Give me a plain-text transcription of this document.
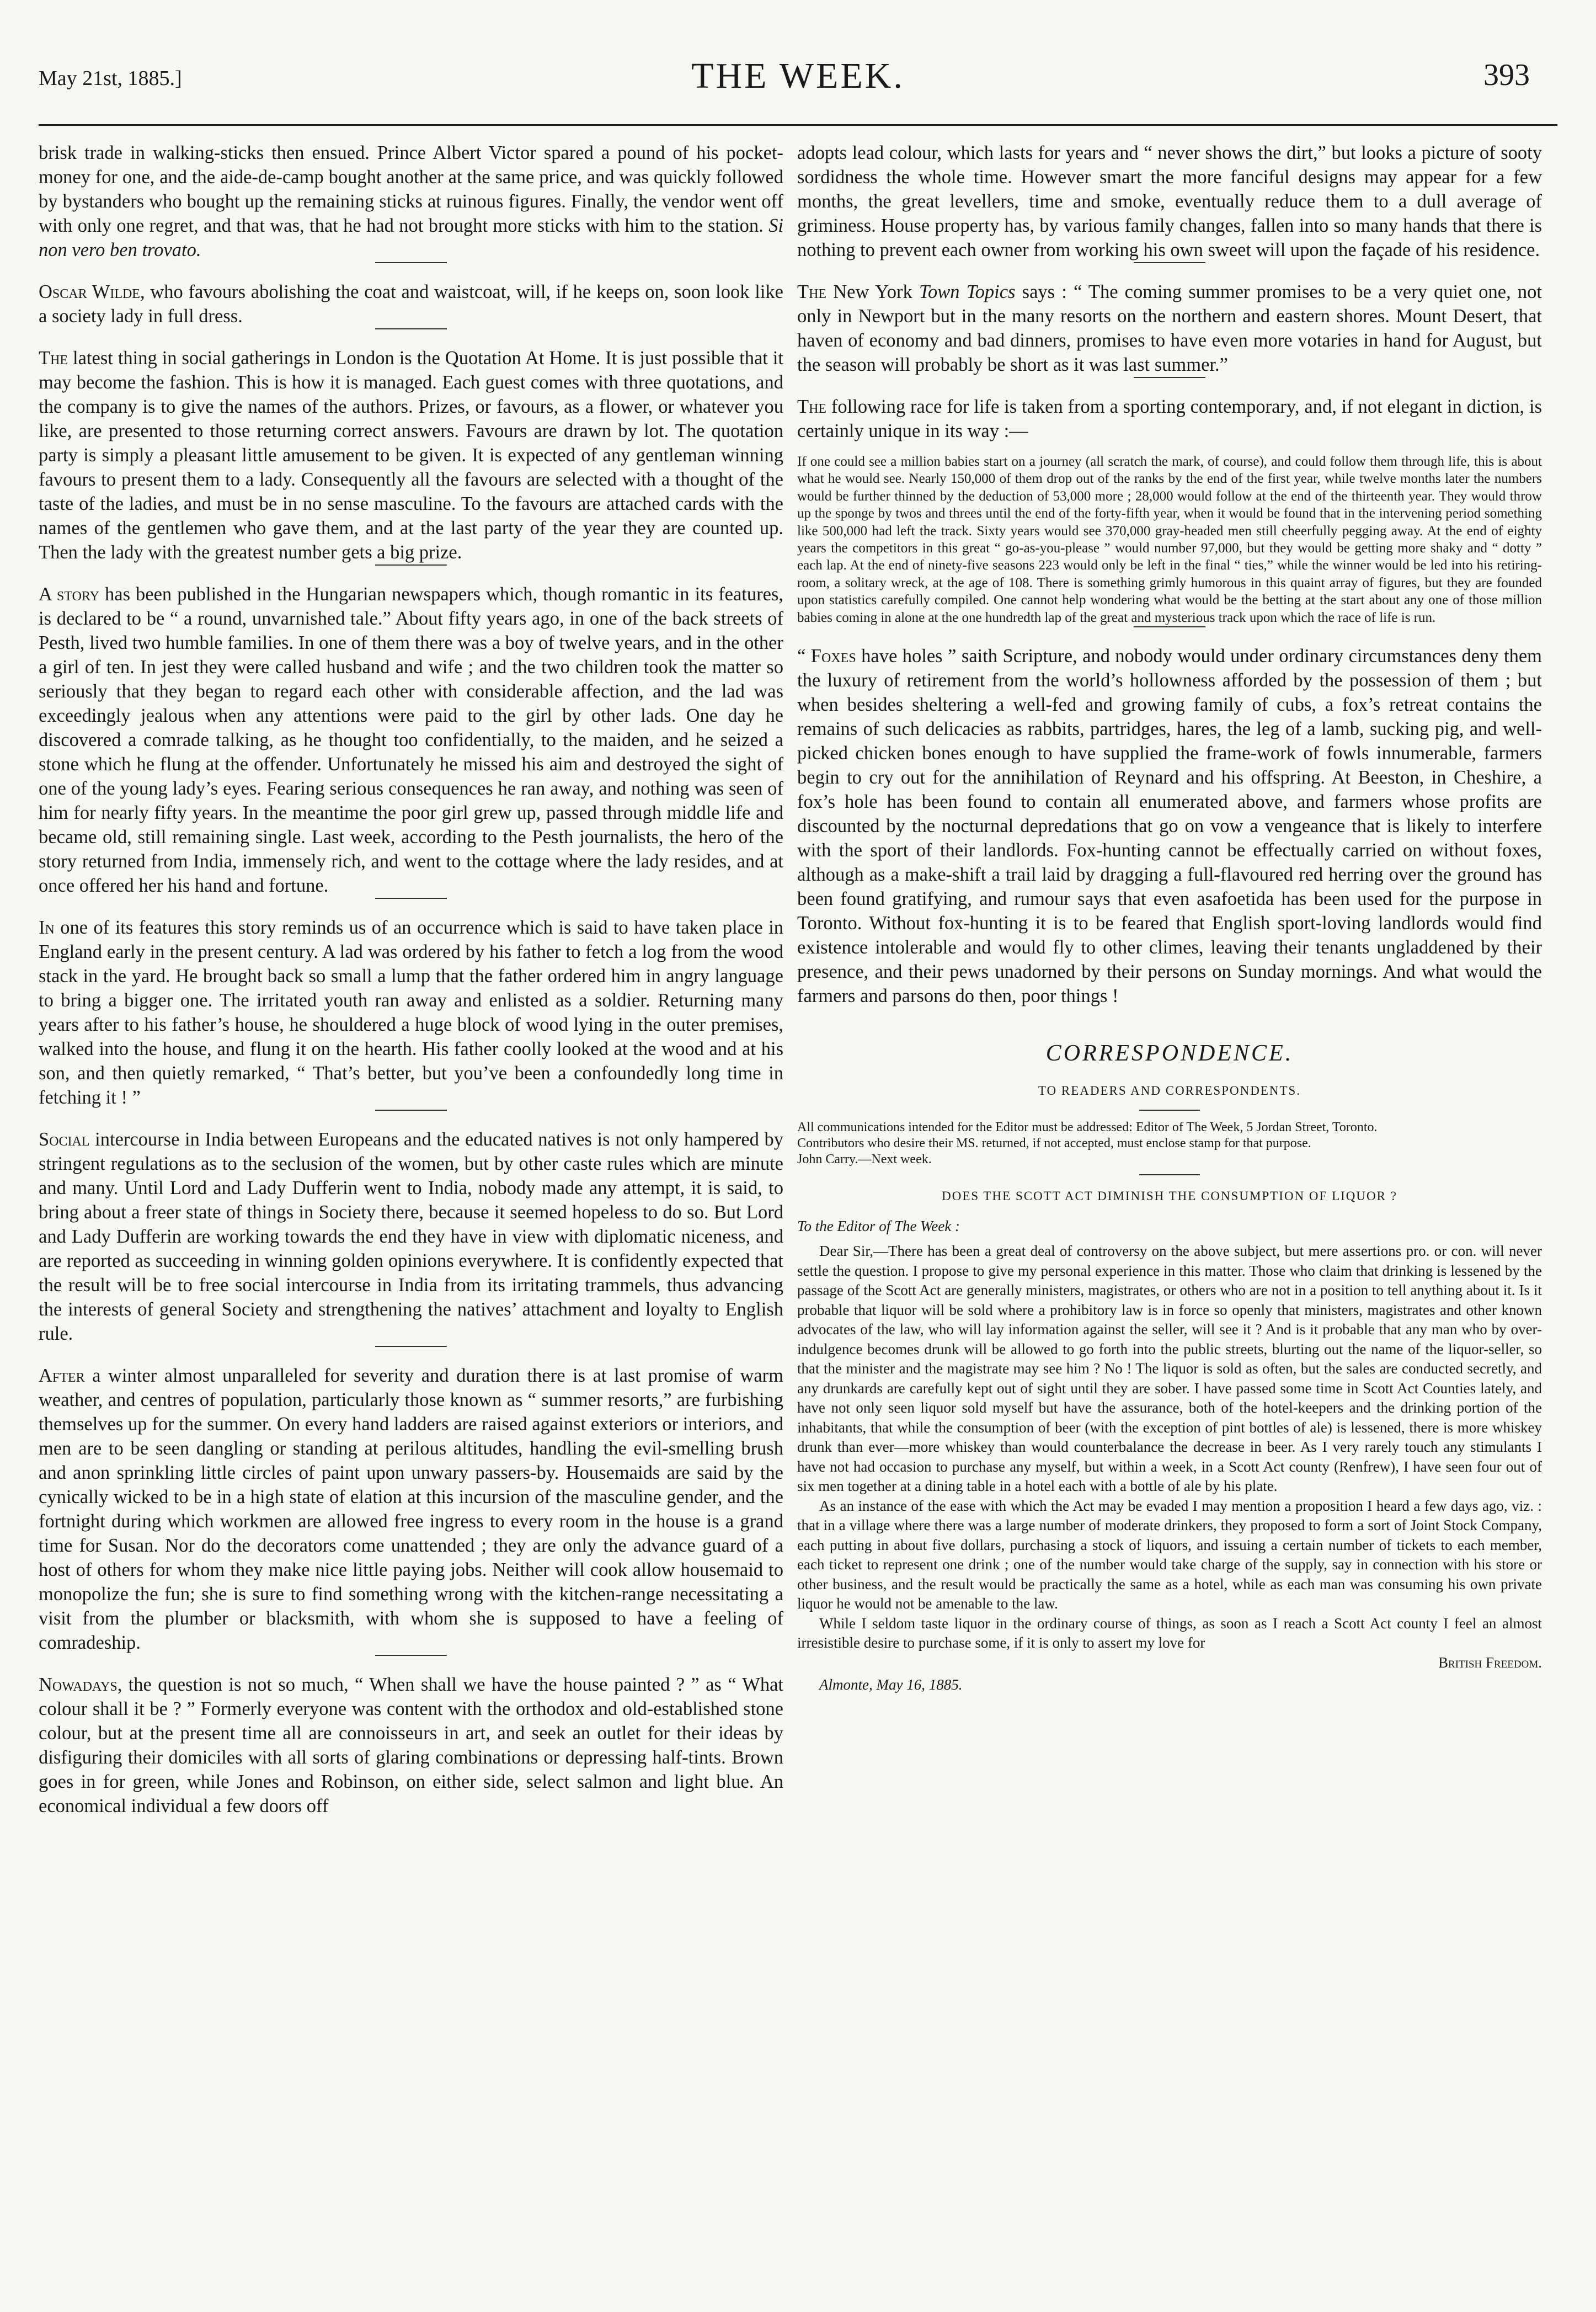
May 21st, 1885.]	THE WEEK.	393

brisk trade in walking-sticks then ensued. Prince Albert Victor spared a pound of his pocket-money for one, and the aide-de-camp bought another at the same price, and was quickly followed by bystanders who bought up the remaining sticks at ruinous figures. Finally, the vendor went off with only one regret, and that was, that he had not brought more sticks with him to the station. Si non vero ben trovato.

Oscar Wilde, who favours abolishing the coat and waistcoat, will, if he keeps on, soon look like a society lady in full dress.

The latest thing in social gatherings in London is the Quotation At Home. It is just possible that it may become the fashion. This is how it is managed. Each guest comes with three quotations, and the company is to give the names of the authors. Prizes, or favours, as a flower, or whatever you like, are presented to those returning correct answers. Favours are drawn by lot. The quotation party is simply a pleasant little amusement to be given. It is expected of any gentleman winning favours to present them to a lady. Consequently all the favours are selected with a thought of the taste of the ladies, and must be in no sense masculine. To the favours are attached cards with the names of the gentlemen who gave them, and at the last party of the year they are counted up. Then the lady with the greatest number gets a big prize.

A story has been published in the Hungarian newspapers which, though romantic in its features, is declared to be “ a round, unvarnished tale.” About fifty years ago, in one of the back streets of Pesth, lived two humble families. In one of them there was a boy of twelve years, and in the other a girl of ten. In jest they were called husband and wife ; and the two children took the matter so seriously that they began to regard each other with considerable affection, and the lad was exceedingly jealous when any attentions were paid to the girl by other lads. One day he discovered a comrade talking, as he thought too confidentially, to the maiden, and he seized a stone which he flung at the offender. Unfortunately he missed his aim and destroyed the sight of one of the young lady’s eyes. Fearing serious consequences he ran away, and nothing was seen of him for nearly fifty years. In the meantime the poor girl grew up, passed through middle life and became old, still remaining single. Last week, according to the Pesth journalists, the hero of the story returned from India, immensely rich, and went to the cottage where the lady resides, and at once offered her his hand and fortune.

In one of its features this story reminds us of an occurrence which is said to have taken place in England early in the present century. A lad was ordered by his father to fetch a log from the wood stack in the yard. He brought back so small a lump that the father ordered him in angry language to bring a bigger one. The irritated youth ran away and enlisted as a soldier. Returning many years after to his father’s house, he shouldered a huge block of wood lying in the outer premises, walked into the house, and flung it on the hearth. His father coolly looked at the wood and at his son, and then quietly remarked, “ That’s better, but you’ve been a confoundedly long time in fetching it ! ”

Social intercourse in India between Europeans and the educated natives is not only hampered by stringent regulations as to the seclusion of the women, but by other caste rules which are minute and many. Until Lord and Lady Dufferin went to India, nobody made any attempt, it is said, to bring about a freer state of things in Society there, because it seemed hopeless to do so. But Lord and Lady Dufferin are working towards the end they have in view with diplomatic niceness, and are reported as succeeding in winning golden opinions everywhere. It is confidently expected that the result will be to free social intercourse in India from its irritating trammels, thus advancing the interests of general Society and strengthening the natives’ attachment and loyalty to English rule.

After a winter almost unparalleled for severity and duration there is at last promise of warm weather, and centres of population, particularly those known as “ summer resorts,” are furbishing themselves up for the summer. On every hand ladders are raised against exteriors or interiors, and men are to be seen dangling or standing at perilous altitudes, handling the evil-smelling brush and anon sprinkling little circles of paint upon unwary passers-by. Housemaids are said by the cynically wicked to be in a high state of elation at this incursion of the masculine gender, and the fortnight during which workmen are allowed free ingress to every room in the house is a grand time for Susan. Nor do the decorators come unattended ; they are only the advance guard of a host of others for whom they make nice little paying jobs. Neither will cook allow housemaid to monopolize the fun; she is sure to find something wrong with the kitchen-range necessitating a visit from the plumber or blacksmith, with whom she is supposed to have a feeling of comradeship.

Nowadays, the question is not so much, “ When shall we have the house painted ? ” as “ What colour shall it be ? ” Formerly everyone was content with the orthodox and old-established stone colour, but at the present time all are connoisseurs in art, and seek an outlet for their ideas by disfiguring their domiciles with all sorts of glaring combinations or depressing half-tints. Brown goes in for green, while Jones and Robinson, on either side, select salmon and light blue. An economical individual a few doors off

adopts lead colour, which lasts for years and “ never shows the dirt,” but looks a picture of sooty sordidness the whole time. However smart the more fanciful designs may appear for a few months, the great levellers, time and smoke, eventually reduce them to a dull average of griminess. House property has, by various family changes, fallen into so many hands that there is nothing to prevent each owner from working his own sweet will upon the façade of his residence.

The New York Town Topics says : “ The coming summer promises to be a very quiet one, not only in Newport but in the many resorts on the northern and eastern shores. Mount Desert, that haven of economy and bad dinners, promises to have even more votaries in hand for August, but the season will probably be short as it was last summer.”

The following race for life is taken from a sporting contemporary, and, if not elegant in diction, is certainly unique in its way :—

If one could see a million babies start on a journey (all scratch the mark, of course), and could follow them through life, this is about what he would see. Nearly 150,000 of them drop out of the ranks by the end of the first year, while twelve months later the numbers would be further thinned by the deduction of 53,000 more ; 28,000 would follow at the end of the thirteenth year. They would throw up the sponge by twos and threes until the end of the forty-fifth year, when it would be found that in the intervening period something like 500,000 had left the track. Sixty years would see 370,000 gray-headed men still cheerfully pegging away. At the end of eighty years the competitors in this great “ go-as-you-please ” would number 97,000, but they would be getting more shaky and “ dotty ” each lap. At the end of ninety-five seasons 223 would only be left in the final “ ties,” while the winner would be led into his retiring-room, a solitary wreck, at the age of 108. There is something grimly humorous in this quaint array of figures, but they are founded upon statistics carefully compiled. One cannot help wondering what would be the betting at the start about any one of those million babies coming in alone at the one hundredth lap of the great and mysterious track upon which the race of life is run.

“ Foxes have holes ” saith Scripture, and nobody would under ordinary circumstances deny them the luxury of retirement from the world’s hollowness afforded by the possession of them ; but when besides sheltering a well-fed and growing family of cubs, a fox’s retreat contains the remains of such delicacies as rabbits, partridges, hares, the leg of a lamb, sucking pig, and well-picked chicken bones enough to have supplied the frame-work of fowls innumerable, farmers begin to cry out for the annihilation of Reynard and his offspring. At Beeston, in Cheshire, a fox’s hole has been found to contain all enumerated above, and farmers whose profits are discounted by the nocturnal depredations that go on vow a vengeance that is likely to interfere with the sport of their landlords. Fox-hunting cannot be effectually carried on without foxes, although as a make-shift a trail laid by dragging a full-flavoured red herring over the ground has been found gratifying, and rumour says that even asafoetida has been used for the purpose in Toronto. Without fox-hunting it is to be feared that English sport-loving landlords would find existence intolerable and would fly to other climes, leaving their tenants ungladdened by their presence, and their pews unadorned by their persons on Sunday mornings. And what would the farmers and parsons do then, poor things !

CORRESPONDENCE.

TO READERS AND CORRESPONDENTS.

All communications intended for the Editor must be addressed: Editor of The Week, 5 Jordan Street, Toronto.

Contributors who desire their MS. returned, if not accepted, must enclose stamp for that purpose.

John Carry.—Next week.

DOES THE SCOTT ACT DIMINISH THE CONSUMPTION OF LIQUOR ?

To the Editor of The Week :

Dear Sir,—There has been a great deal of controversy on the above subject, but mere assertions pro. or con. will never settle the question. I propose to give my personal experience in this matter. Those who claim that drinking is lessened by the passage of the Scott Act are generally ministers, magistrates, or others who are not in a position to tell anything about it. Is it probable that liquor will be sold where a prohibitory law is in force so openly that ministers, magistrates and other known advocates of the law, who will lay information against the seller, will see it ? And is it probable that any man who by over-indulgence becomes drunk will be allowed to go forth into the public streets, blurting out the name of the liquor-seller, so that the minister and the magistrate may see him ? No ! The liquor is sold as often, but the sales are conducted secretly, and any drunkards are carefully kept out of sight until they are sober. I have passed some time in Scott Act Counties lately, and have not only seen liquor sold myself but have the assurance, both of the hotel-keepers and the drinking portion of the inhabitants, that while the consumption of beer (with the exception of pint bottles of ale) is lessened, there is more whiskey drunk than ever—more whiskey than would counterbalance the decrease in beer. As I very rarely touch any stimulants I have not had occasion to purchase any myself, but within a week, in a Scott Act county (Renfrew), I have seen four out of six men together at a dining table in a hotel each with a bottle of ale by his plate.

As an instance of the ease with which the Act may be evaded I may mention a proposition I heard a few days ago, viz. : that in a village where there was a large number of moderate drinkers, they proposed to form a sort of Joint Stock Company, each putting in about five dollars, purchasing a stock of liquors, and issuing a certain number of tickets to each member, each ticket to represent one drink ; one of the number would take charge of the supply, say in connection with his store or other business, and the result would be practically the same as a hotel, while as each man was consuming his own private liquor he would not be amenable to the law.

While I seldom taste liquor in the ordinary course of things, as soon as I reach a Scott Act county I feel an almost irresistible desire to purchase some, if it is only to assert my love for

British Freedom.

Almonte, May 16, 1885.
